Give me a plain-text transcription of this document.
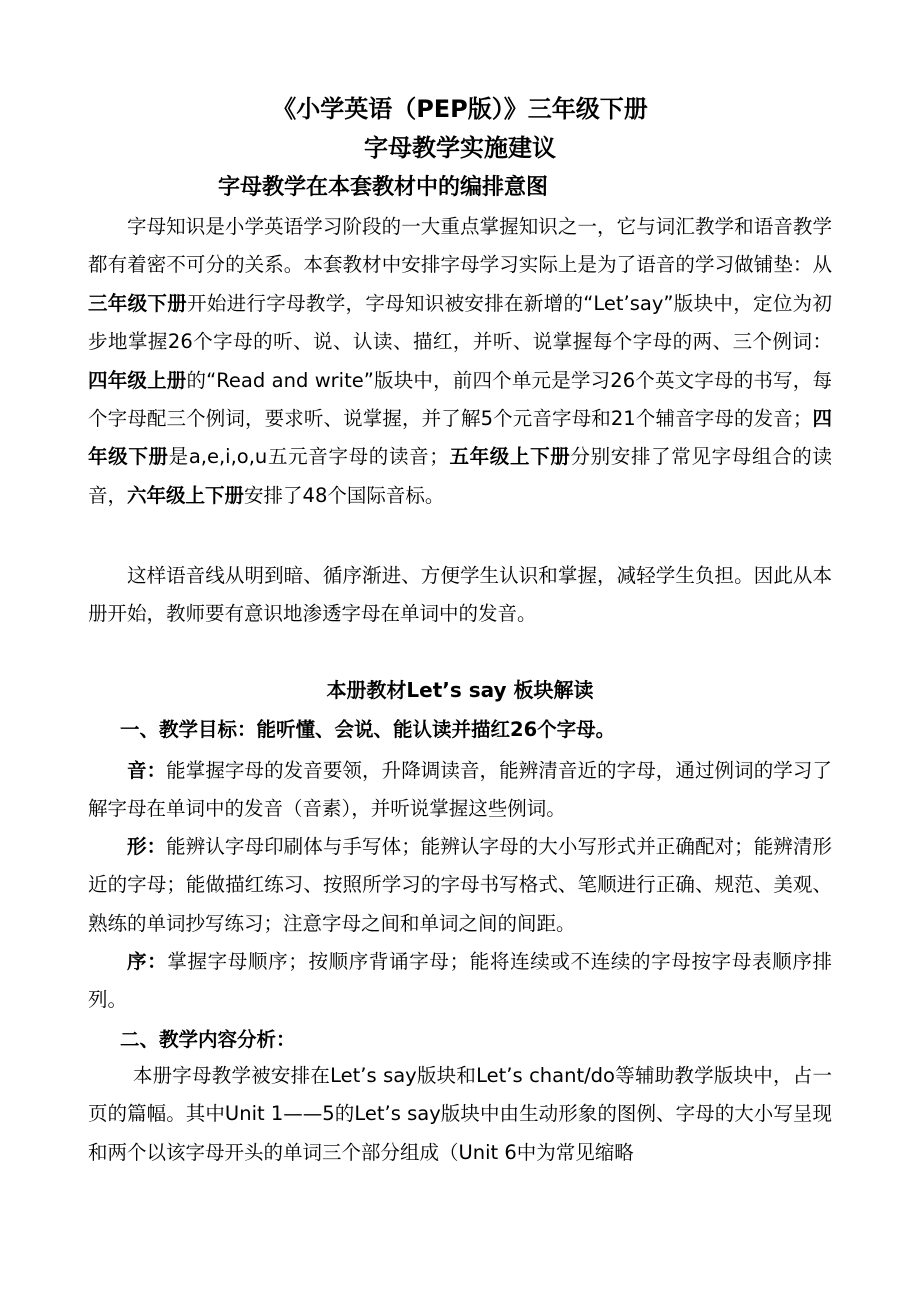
《小学英语（PEP版）》三年级下册
字母教学实施建议
字母教学在本套教材中的编排意图

字母知识是小学英语学习阶段的一大重点掌握知识之一，它与词汇教学和语音教学都有着密不可分的关系。本套教材中安排字母学习实际上是为了语音的学习做铺垫：从三年级下册开始进行字母教学，字母知识被安排在新增的“Let’say”版块中，定位为初步地掌握26个字母的听、说、认读、描红，并听、说掌握每个字母的两、三个例词：四年级上册的“Read and write”版块中，前四个单元是学习26个英文字母的书写，每个字母配三个例词，要求听、说掌握，并了解5个元音字母和21个辅音字母的发音；四年级下册是a,e,i,o,u五元音字母的读音；五年级上下册分别安排了常见字母组合的读音，六年级上下册安排了48个国际音标。

这样语音线从明到暗、循序渐进、方便学生认识和掌握，减轻学生负担。因此从本册开始，教师要有意识地渗透字母在单词中的发音。

本册教材Let’s say 板块解读
一、教学目标：能听懂、会说、能认读并描红26个字母。

音：能掌握字母的发音要领，升降调读音，能辨清音近的字母，通过例词的学习了解字母在单词中的发音（音素），并听说掌握这些例词。

形：能辨认字母印刷体与手写体；能辨认字母的大小写形式并正确配对；能辨清形近的字母；能做描红练习、按照所学习的字母书写格式、笔顺进行正确、规范、美观、熟练的单词抄写练习；注意字母之间和单词之间的间距。

序：掌握字母顺序；按顺序背诵字母；能将连续或不连续的字母按字母表顺序排列。

二、教学内容分析：

本册字母教学被安排在Let’s say版块和Let’s chant/do等辅助教学版块中，占一页的篇幅。其中Unit 1——5的Let’s say版块中由生动形象的图例、字母的大小写呈现和两个以该字母开头的单词三个部分组成（Unit 6中为常见缩略
